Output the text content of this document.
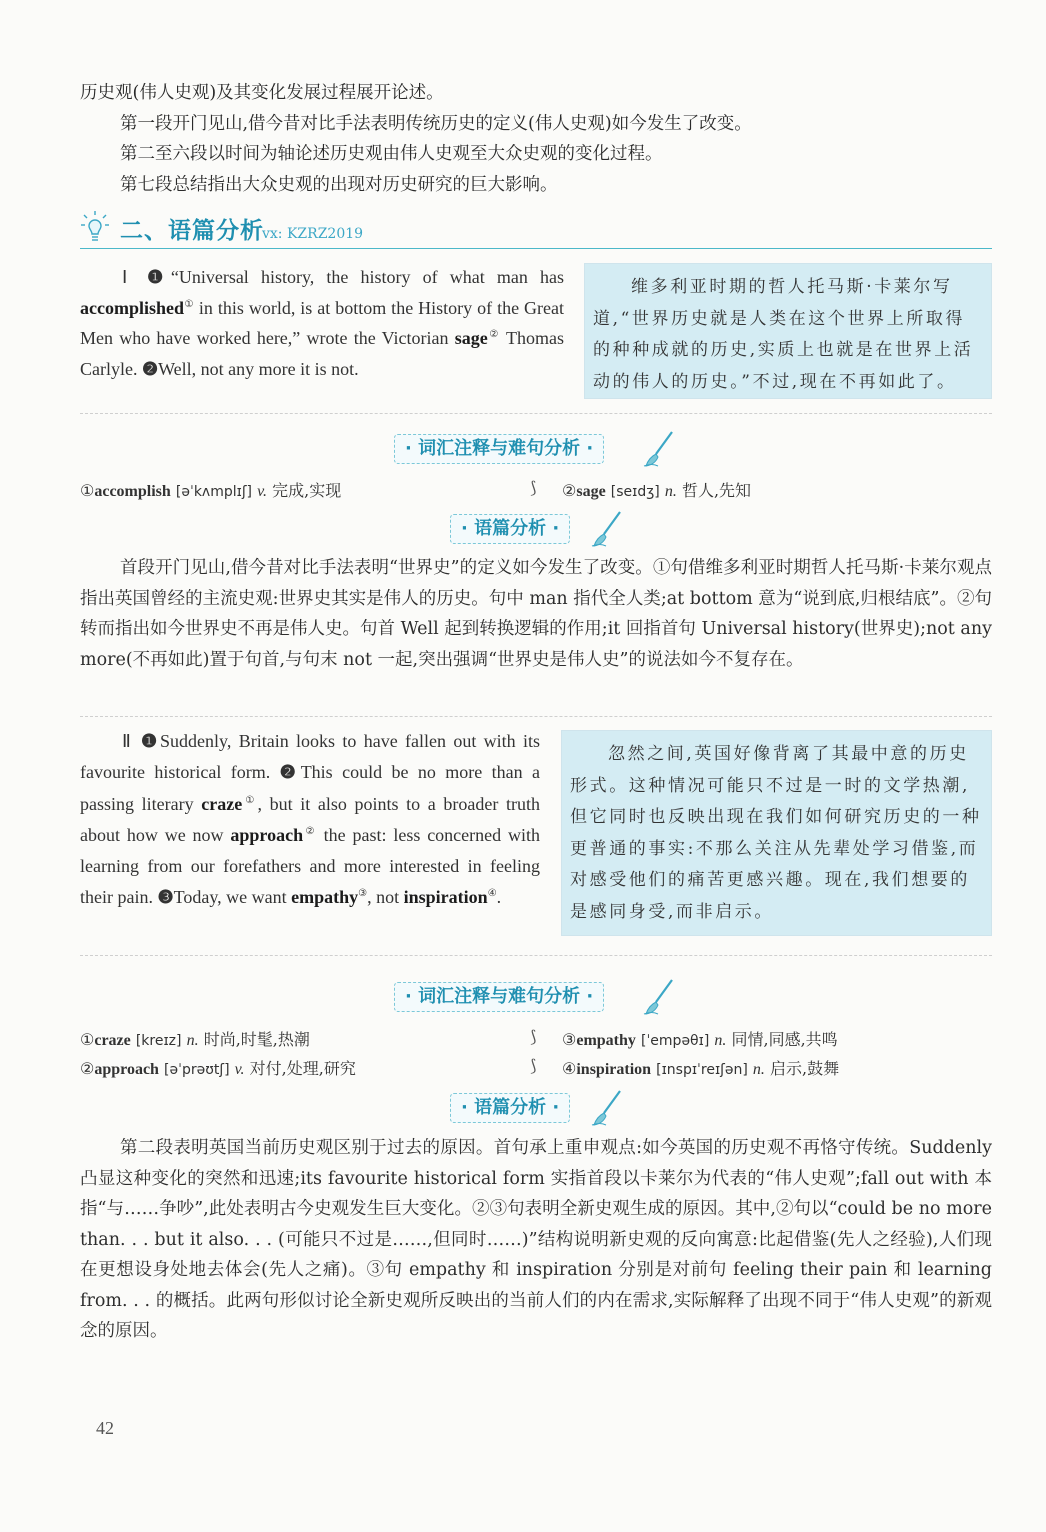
历史观(伟人史观)及其变化发展过程展开论述。

第一段开门见山,借今昔对比手法表明传统历史的定义(伟人史观)如今发生了改变。

第二至六段以时间为轴论述历史观由伟人史观至大众史观的变化过程。

第七段总结指出大众史观的出现对历史研究的巨大影响。

二、语篇分析
vx: KZRZ2019
Ⅰ ❶“Universal history, the history of what man has accomplished① in this world, is at bottom the History of the Great Men who have worked here,” wrote the Victorian sage② Thomas Carlyle. ❷Well, not any more it is not.

维多利亚时期的哲人托马斯·卡莱尔写道,“世界历史就是人类在这个世界上所取得的种种成就的历史,实质上也就是在世界上活动的伟人的历史。”不过,现在不再如此了。

· 词汇注释与难句分析 ·
①accomplish [əˈkʌmplɪʃ] v. 完成,实现	⟆ ②sage [seɪdʒ] n. 哲人,先知
· 语篇分析 ·

首段开门见山,借今昔对比手法表明“世界史”的定义如今发生了改变。①句借维多利亚时期哲人托马斯·卡莱尔观点指出英国曾经的主流史观:世界史其实是伟人的历史。句中 man 指代全人类;at bottom 意为“说到底,归根结底”。②句转而指出如今世界史不再是伟人史。句首 Well 起到转换逻辑的作用;it 回指首句 Universal history(世界史);not any more(不再如此)置于句首,与句末 not 一起,突出强调“世界史是伟人史”的说法如今不复存在。

Ⅱ ❶Suddenly, Britain looks to have fallen out with its favourite historical form. ❷This could be no more than a passing literary craze①, but it also points to a broader truth about how we now approach② the past: less concerned with learning from our forefathers and more interested in feeling their pain. ❸Today, we want empathy③, not inspiration④.

忽然之间,英国好像背离了其最中意的历史形式。这种情况可能只不过是一时的文学热潮,但它同时也反映出现在我们如何研究历史的一种更普通的事实:不那么关注从先辈处学习借鉴,而对感受他们的痛苦更感兴趣。现在,我们想要的是感同身受,而非启示。

· 词汇注释与难句分析 ·
①craze [kreɪz] n. 时尚,时髦,热潮	⟆ ③empathy [ˈempəθɪ] n. 同情,同感,共鸣
②approach [əˈprəʊtʃ] v. 对付,处理,研究	⟆ ④inspiration [ɪnspɪˈreɪʃən] n. 启示,鼓舞
· 语篇分析 ·

第二段表明英国当前历史观区别于过去的原因。首句承上重申观点:如今英国的历史观不再恪守传统。Suddenly 凸显这种变化的突然和迅速;its favourite historical form 实指首段以卡莱尔为代表的“伟人史观”;fall out with 本指“与……争吵”,此处表明古今史观发生巨大变化。②③句表明全新史观生成的原因。其中,②句以“could be no more than. . . but it also. . . (可能只不过是……,但同时……)”结构说明新史观的反向寓意:比起借鉴(先人之经验),人们现在更想设身处地去体会(先人之痛)。③句 empathy 和 inspiration 分别是对前句 feeling their pain 和 learning from. . . 的概括。此两句形似讨论全新史观所反映出的当前人们的内在需求,实际解释了出现不同于“伟人史观”的新观念的原因。

42
